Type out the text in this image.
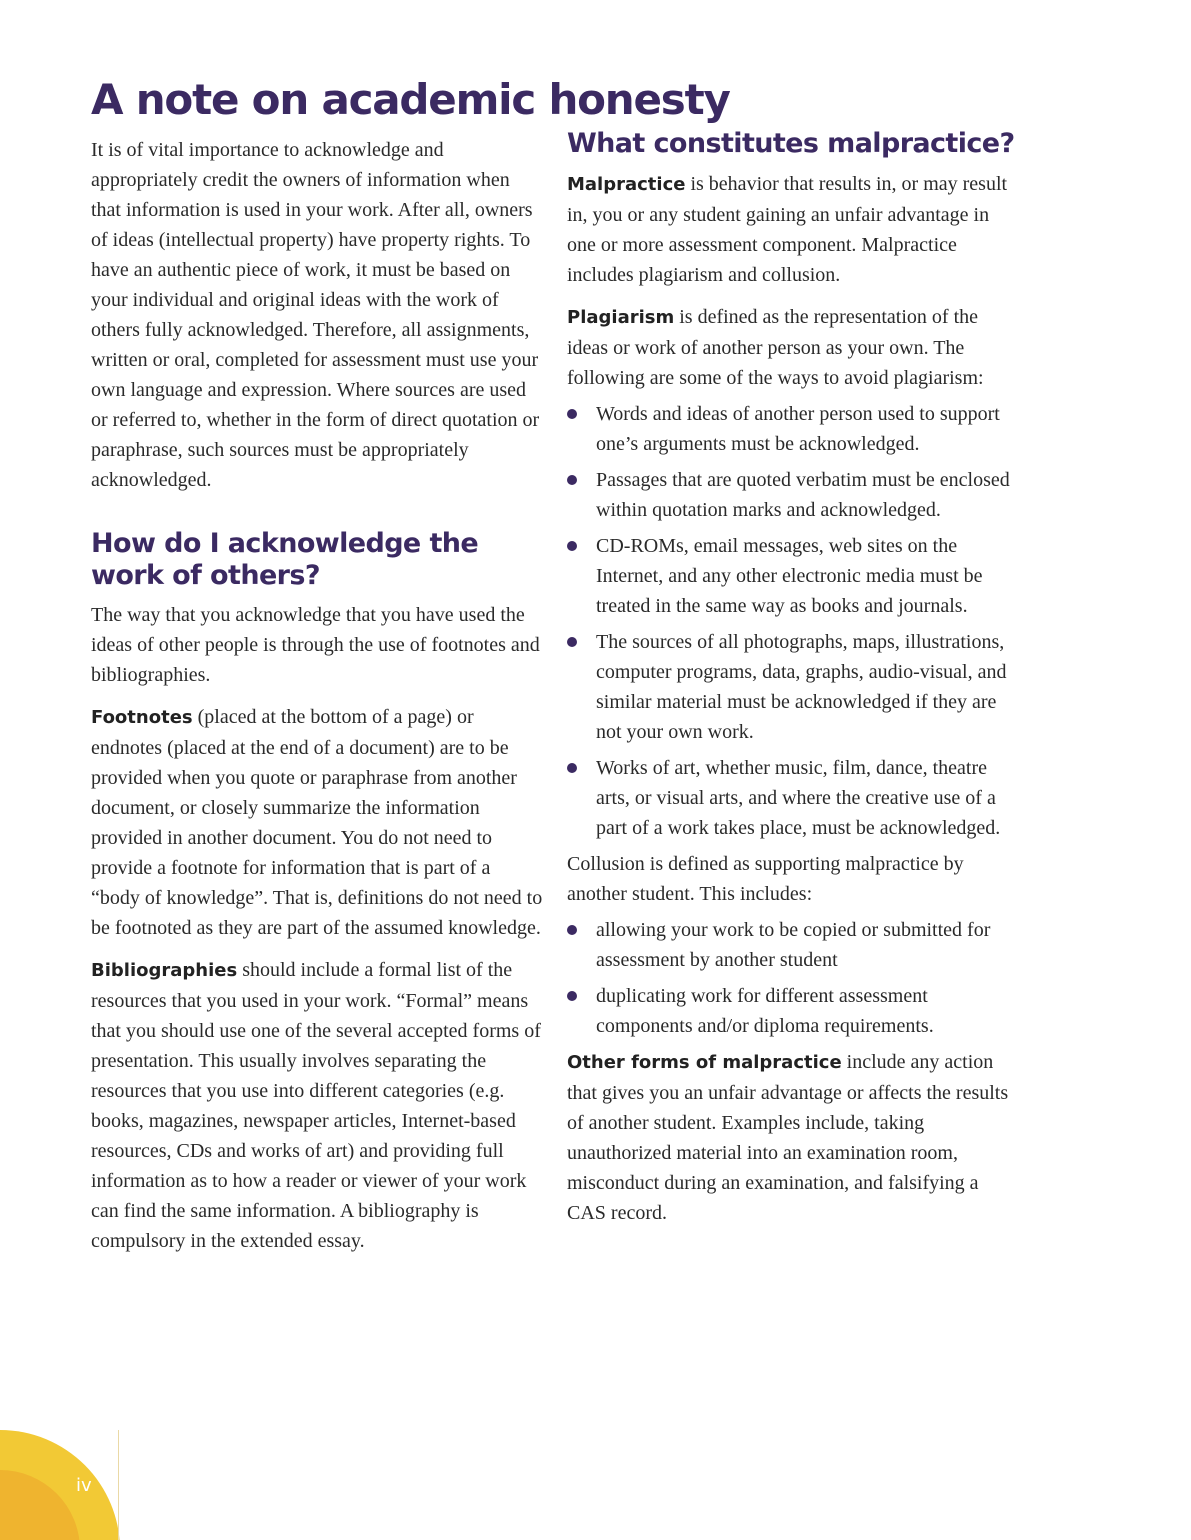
A note on academic honesty

It is of vital importance to acknowledge and appropriately credit the owners of information when that information is used in your work. After all, owners of ideas (intellectual property) have property rights. To have an authentic piece of work, it must be based on your individual and original ideas with the work of others fully acknowledged. Therefore, all assignments, written or oral, completed for assessment must use your own language and expression. Where sources are used or referred to, whether in the form of direct quotation or paraphrase, such sources must be appropriately acknowledged.

How do I acknowledge the work of others?

The way that you acknowledge that you have used the ideas of other people is through the use of footnotes and bibliographies.

Footnotes (placed at the bottom of a page) or endnotes (placed at the end of a document) are to be provided when you quote or paraphrase from another document, or closely summarize the information provided in another document. You do not need to provide a footnote for information that is part of a “body of knowledge”. That is, definitions do not need to be footnoted as they are part of the assumed knowledge.

Bibliographies should include a formal list of the resources that you used in your work. “Formal” means that you should use one of the several accepted forms of presentation. This usually involves separating the resources that you use into different categories (e.g. books, magazines, newspaper articles, Internet-based resources, CDs and works of art) and providing full information as to how a reader or viewer of your work can find the same information. A bibliography is compulsory in the extended essay.

What constitutes malpractice?

Malpractice is behavior that results in, or may result in, you or any student gaining an unfair advantage in one or more assessment component. Malpractice includes plagiarism and collusion.

Plagiarism is defined as the representation of the ideas or work of another person as your own. The following are some of the ways to avoid plagiarism:

Words and ideas of another person used to support one’s arguments must be acknowledged.
Passages that are quoted verbatim must be enclosed within quotation marks and acknowledged.
CD-ROMs, email messages, web sites on the Internet, and any other electronic media must be treated in the same way as books and journals.
The sources of all photographs, maps, illustrations, computer programs, data, graphs, audio-visual, and similar material must be acknowledged if they are not your own work.
Works of art, whether music, film, dance, theatre arts, or visual arts, and where the creative use of a part of a work takes place, must be acknowledged.

Collusion is defined as supporting malpractice by another student. This includes:

allowing your work to be copied or submitted for assessment by another student
duplicating work for different assessment components and/or diploma requirements.

Other forms of malpractice include any action that gives you an unfair advantage or affects the results of another student. Examples include, taking unauthorized material into an examination room, misconduct during an examination, and falsifying a CAS record.

iv
